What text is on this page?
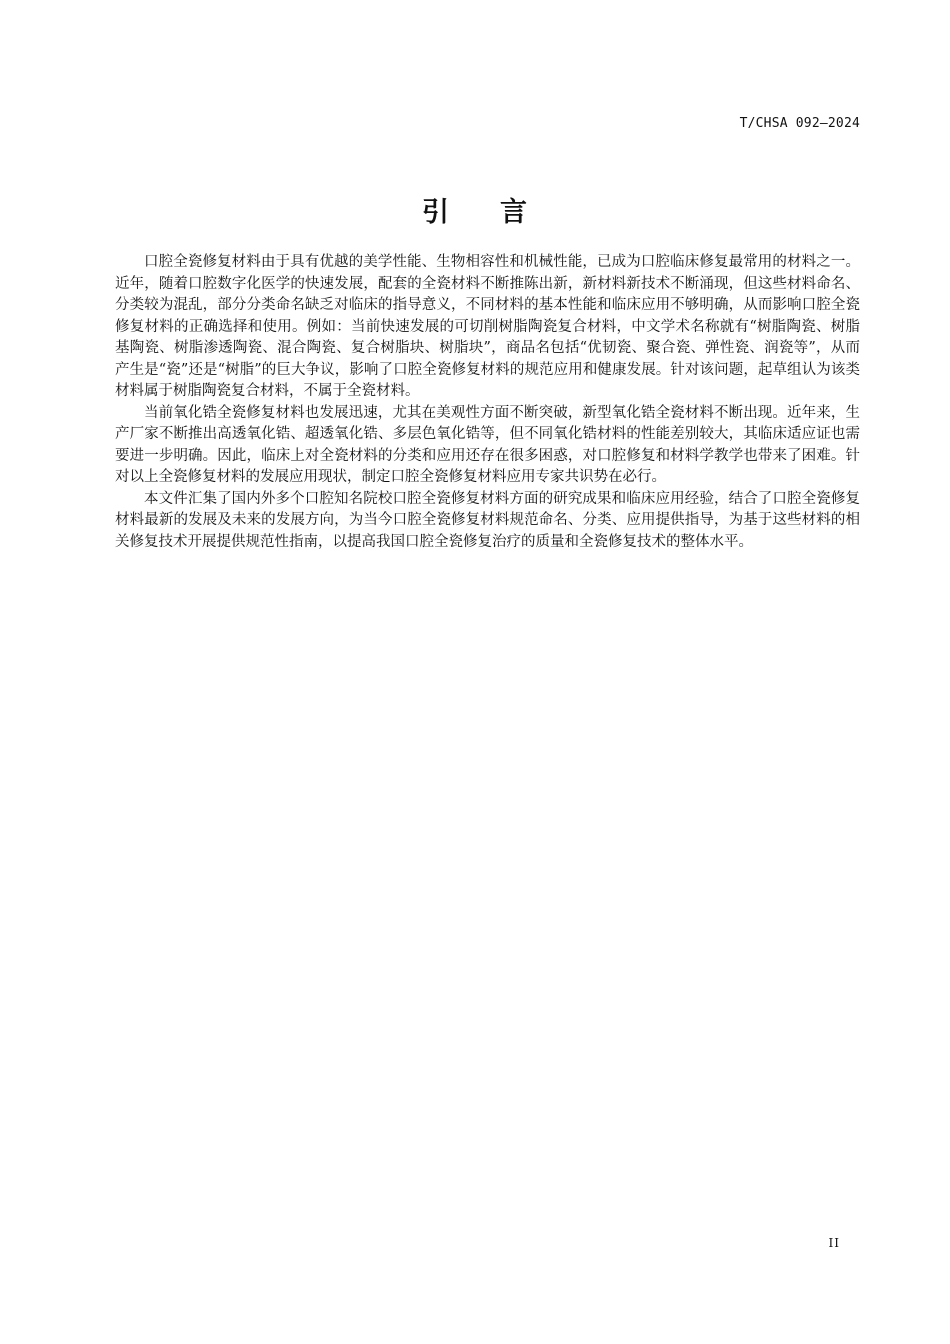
T/CHSA 092—2024
引 言

口腔全瓷修复材料由于具有优越的美学性能、生物相容性和机械性能，已成为口腔临床修复最常用的材料之一。近年，随着口腔数字化医学的快速发展，配套的全瓷材料不断推陈出新，新材料新技术不断涌现，但这些材料命名、分类较为混乱，部分分类命名缺乏对临床的指导意义，不同材料的基本性能和临床应用不够明确，从而影响口腔全瓷修复材料的正确选择和使用。例如：当前快速发展的可切削树脂陶瓷复合材料，中文学术名称就有“树脂陶瓷、树脂基陶瓷、树脂渗透陶瓷、混合陶瓷、复合树脂块、树脂块”，商品名包括“优韧瓷、聚合瓷、弹性瓷、润瓷等”，从而产生是“瓷”还是“树脂”的巨大争议，影响了口腔全瓷修复材料的规范应用和健康发展。针对该问题，起草组认为该类材料属于树脂陶瓷复合材料，不属于全瓷材料。

当前氧化锆全瓷修复材料也发展迅速，尤其在美观性方面不断突破，新型氧化锆全瓷材料不断出现。近年来，生产厂家不断推出高透氧化锆、超透氧化锆、多层色氧化锆等，但不同氧化锆材料的性能差别较大，其临床适应证也需要进一步明确。因此，临床上对全瓷材料的分类和应用还存在很多困惑，对口腔修复和材料学教学也带来了困难。针对以上全瓷修复材料的发展应用现状，制定口腔全瓷修复材料应用专家共识势在必行。

本文件汇集了国内外多个口腔知名院校口腔全瓷修复材料方面的研究成果和临床应用经验，结合了口腔全瓷修复材料最新的发展及未来的发展方向，为当今口腔全瓷修复材料规范命名、分类、应用提供指导，为基于这些材料的相关修复技术开展提供规范性指南，以提高我国口腔全瓷修复治疗的质量和全瓷修复技术的整体水平。

II
